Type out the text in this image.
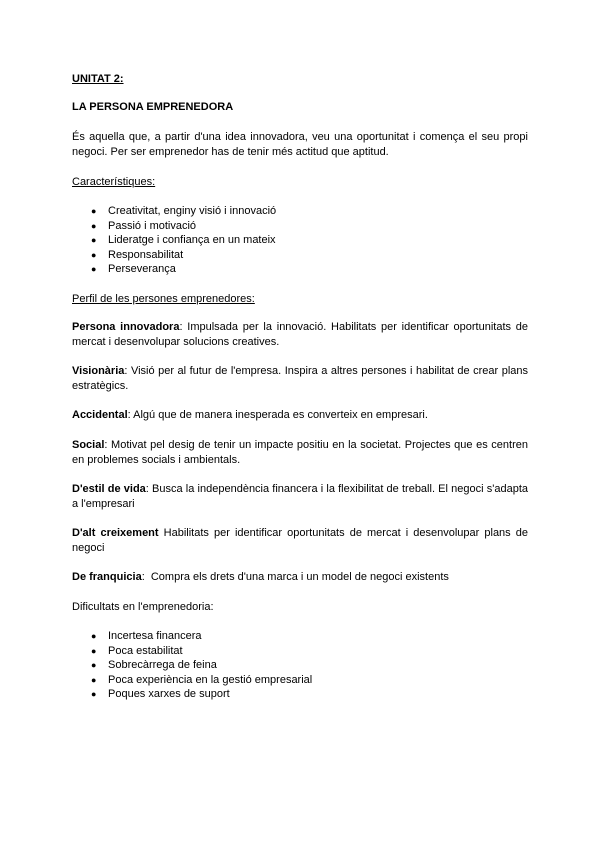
UNITAT 2:
LA PERSONA EMPRENEDORA
És aquella que, a partir d'una idea innovadora, veu una oportunitat i comença el seu propi negoci. Per ser emprenedor has de tenir més actitud que aptitud.
Característiques:
● Creativitat, enginy visió i innovació
● Passió i motivació
● Lideratge i confiança en un mateix
● Responsabilitat
● Perseverança
Perfil de les persones emprenedores:
Persona innovadora: Impulsada per la innovació. Habilitats per identificar oportunitats de mercat i desenvolupar solucions creatives.
Visionària: Visió per al futur de l'empresa. Inspira a altres persones i habilitat de crear plans estratègics.
Accidental: Algú que de manera inesperada es converteix en empresari.
Social: Motivat pel desig de tenir un impacte positiu en la societat. Projectes que es centren en problemes socials i ambientals.
D'estil de vida: Busca la independència financera i la flexibilitat de treball. El negoci s'adapta a l'empresari
D'alt creixement Habilitats per identificar oportunitats de mercat i desenvolupar plans de negoci
De franquicia:  Compra els drets d'una marca i un model de negoci existents
Dificultats en l'emprenedoria:
● Incertesa financera
● Poca estabilitat
● Sobrecàrrega de feina
● Poca experiència en la gestió empresarial
● Poques xarxes de suport
